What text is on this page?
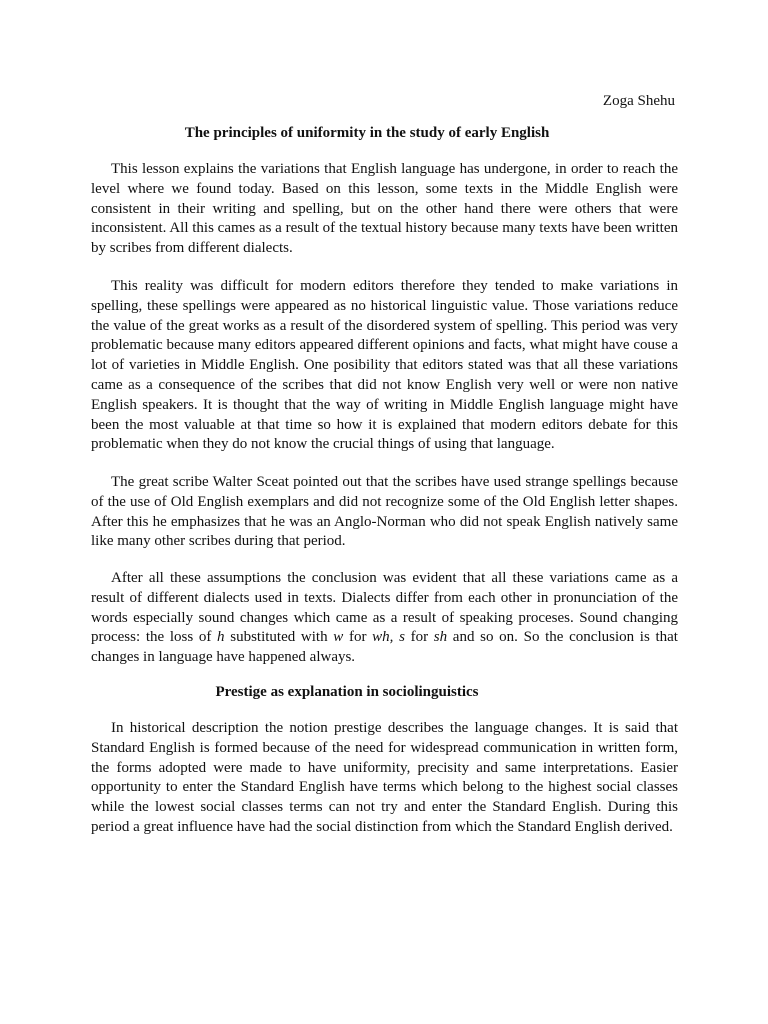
Zoga Shehu

The principles of uniformity in the study of early English

This lesson explains the variations that English language has undergone, in order to reach the level where we found today. Based on this lesson, some texts in the Middle English were consistent in their writing and spelling, but on the other hand there were others that were inconsistent. All this cames as a result of the textual history because many texts have been written by scribes from different dialects.

This reality was difficult for modern editors therefore they tended to make variations in spelling, these spellings were appeared as no historical linguistic value. Those variations reduce the value of the great works as a result of the disordered system of spelling. This period was very problematic because many editors appeared different opinions and facts, what might have couse a lot of varieties in Middle English. One posibility that editors stated was that all these variations came as a consequence of the scribes that did not know English very well or were non native English speakers. It is thought that the way of writing in Middle English language might have been the most valuable at that time so how it is explained that modern editors debate for this problematic when they do not know the crucial things of using that language.

The great scribe Walter Sceat pointed out that the scribes have used strange spellings because of the use of Old English exemplars and did not recognize some of the Old English letter shapes. After this he emphasizes that he was an Anglo-Norman who did not speak English natively same like many other scribes during that period.

After all these assumptions the conclusion was evident that all these variations came as a result of different dialects used in texts. Dialects differ from each other in pronunciation of the words especially sound changes which came as a result of speaking proceses. Sound changing process: the loss of h substituted with w for wh, s for sh and so on. So the conclusion is that changes in language have happened always.

Prestige as explanation in sociolinguistics

In historical description the notion prestige describes the language changes. It is said that Standard English is formed because of the need for widespread communication in written form, the forms adopted were made to have uniformity, precisity and same interpretations. Easier opportunity to enter the Standard English have terms which belong to the highest social classes while the lowest social classes terms can not try and enter the Standard English. During this period a great influence have had the social distinction from which the Standard English derived.
